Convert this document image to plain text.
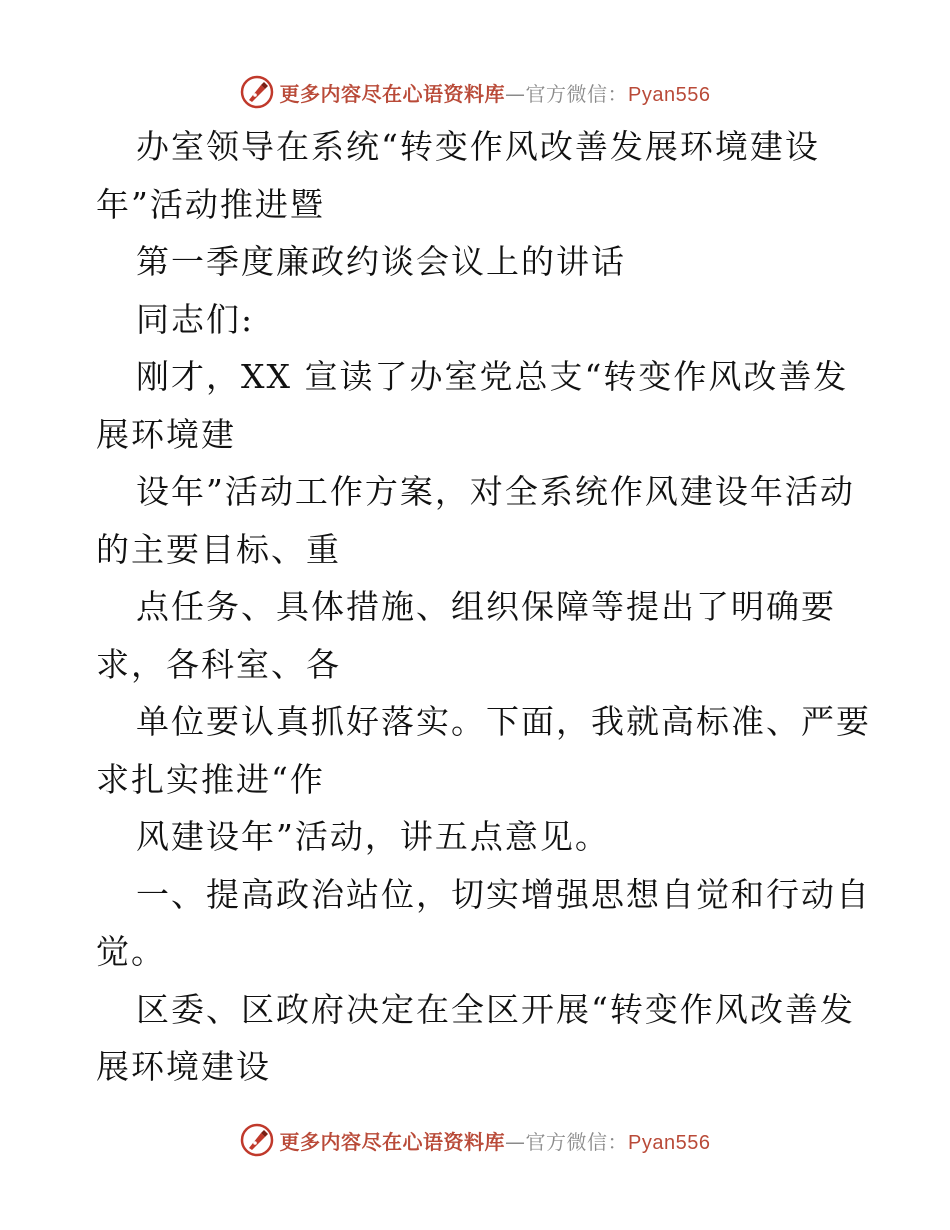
更多内容尽在心语资料库—官方微信：Pyan556
办室领导在系统“转变作风改善发展环境建设
年”活动推进暨
第一季度廉政约谈会议上的讲话
同志们:
刚才，XX 宣读了办室党总支“转变作风改善发
展环境建
设年”活动工作方案，对全系统作风建设年活动
的主要目标、重
点任务、具体措施、组织保障等提出了明确要
求，各科室、各
单位要认真抓好落实。下面，我就高标准、严要
求扎实推进“作
风建设年”活动，讲五点意见。
一、提高政治站位，切实增强思想自觉和行动自
觉。
区委、区政府决定在全区开展“转变作风改善发
展环境建设
更多内容尽在心语资料库—官方微信：Pyan556
